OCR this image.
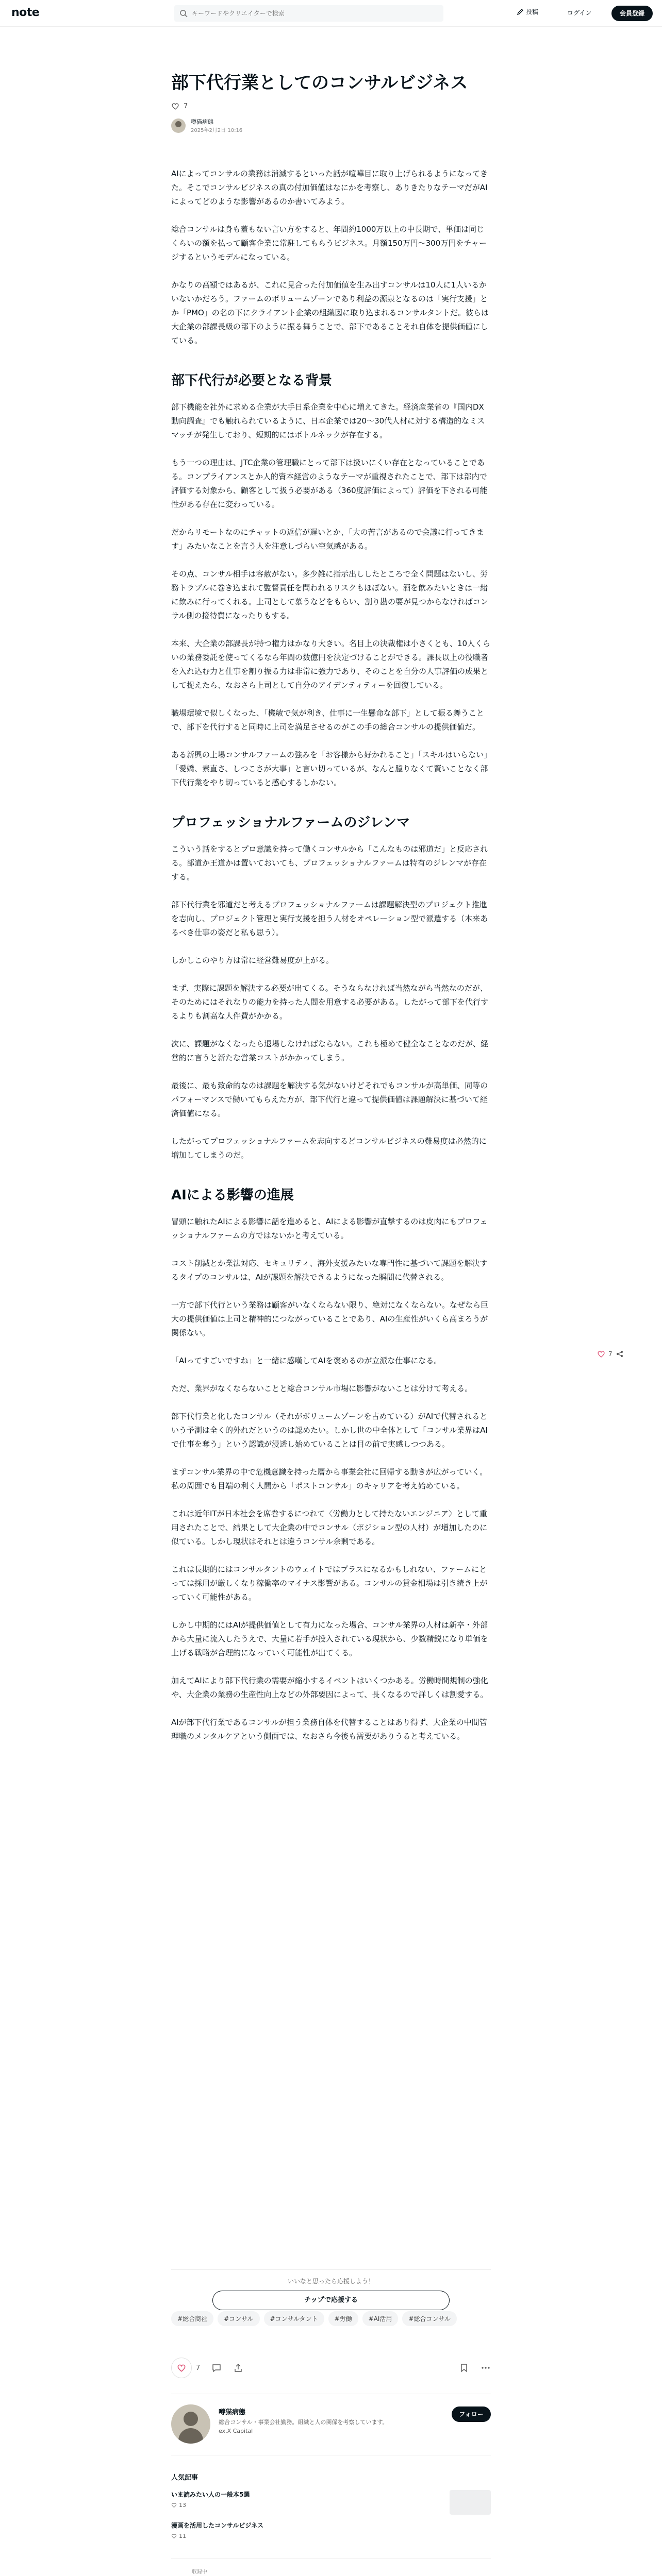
note
キーワードやクリエイターで検索	投稿	ログイン	会員登録
部下代行業としてのコンサルビジネス
7
噂猫病態
2025年2月2日 10:16

AIによってコンサルの業務は消滅するといった話が喧嘩目に取り上げられるようになってきた。そこでコンサルビジネスの真の付加価値はなにかを考察し、ありきたりなテーマだがAIによってどのような影響があるのか書いてみよう。

総合コンサルは身も蓋もない言い方をすると、年間約1000万以上の中長期で、単価は同じくらいの額を払って顧客企業に常駐してもらうビジネス。月額150万円〜300万円をチャージするというモデルになっている。

かなりの高額ではあるが、これに見合った付加価値を生み出すコンサルは10人に1人いるかいないかだろう。ファームのボリュームゾーンであり利益の源泉となるのは「実行支援」とか「PMO」の名の下にクライアント企業の組織図に取り込まれるコンサルタントだ。彼らは大企業の部課長級の部下のように振る舞うことで、部下であることそれ自体を提供価値にしている。

部下代行が必要となる背景

部下機能を社外に求める企業が大手日系企業を中心に増えてきた。経済産業省の『国内DX動向調査』でも触れられているように、日本企業では20〜30代人材に対する構造的なミスマッチが発生しており、短期的にはボトルネックが存在する。

もう一つの理由は、JTC企業の管理職にとって部下は扱いにくい存在となっていることである。コンプライアンスとか人的資本経営のようなテーマが重視されたことで、部下は部内で評価する対象から、顧客として扱う必要がある（360度評価によって）評価を下される可能性がある存在に変わっている。

だからリモートなのにチャットの返信が遅いとか、「大の苦言があるので会議に行ってきます」みたいなことを言う人を注意しづらい空気感がある。

その点、コンサル相手は容赦がない。多少雑に指示出ししたところで全く問題はないし、労務トラブルに巻き込まれて監督責任を問われるリスクもほぼない。酒を飲みたいときは一緒に飲みに行ってくれる。上司として慕うなどをもらい、割り勘の要が見つからなければコンサル側の接待費になったりもする。

本来、大企業の部課長が持つ権力はかなり大きい。名目上の決裁権は小さくとも、10人くらいの業務委託を使ってくるなら年間の数億円を決定づけることができる。課長以上の役職者を入れ込む力と仕事を割り振る力は非常に強力であり、そのことを自分の人事評価の成果として捉えたら、なおさら上司として自分のアイデンティティーを回復している。

職場環境で似しくなった、「機敏で気が利き、仕事に一生懸命な部下」として振る舞うことで、部下を代行すると同時に上司を満足させるのがこの手の総合コンサルの提供価値だ。

ある新興の上場コンサルファームの強みを「お客様から好かれること」「スキルはいらない」「愛嬌、素直さ、しつこさが大事」と言い切っているが、なんと臆りなくて賢いことなく部下代行業をやり切っていると感心するしかない。

プロフェッショナルファームのジレンマ

こういう話をするとプロ意識を持って働くコンサルから「こんなものは邪道だ」と反応される。部道か王道かは置いておいても、プロフェッショナルファームは特有のジレンマが存在する。

部下代行業を邪道だと考えるプロフェッショナルファームは課題解決型のプロジェクト推進を志向し、プロジェクト管理と実行支援を担う人材をオペレーション型で派遣する（本来あるべき仕事の姿だと私も思う）。

しかしこのやり方は常に経営難易度が上がる。

まず、実際に課題を解決する必要が出てくる。そうならなければ当然ながら当然なのだが、そのためにはそれなりの能力を持った人間を用意する必要がある。したがって部下を代行するよりも割高な人件費がかかる。

次に、課題がなくなったら退場しなければならない。これも極めて健全なことなのだが、経営的に言うと新たな営業コストがかかってしまう。

最後に、最も致命的なのは課題を解決する気がないけどそれでもコンサルが高単価、同等のパフォーマンスで働いてもらえた方が、部下代行と違って提供価値は課題解決に基づいて経済価値になる。

したがってプロフェッショナルファームを志向するどコンサルビジネスの難易度は必然的に増加してしまうのだ。

AIによる影響の進展

冒頭に触れたAIによる影響に話を進めると、AIによる影響が直撃するのは皮肉にもプロフェッショナルファームの方ではないかと考えている。

コスト削減とか業法対応、セキュリティ、海外支援みたいな専門性に基づいて課題を解決するタイプのコンサルは、AIが課題を解決できるようになった瞬間に代替される。

一方で部下代行という業務は顧客がいなくならない限り、絶対になくならない。なぜなら巨大の提供価値は上司と精神的につながっていることであり、AIの生産性がいくら高まろうが関係ない。

「AIってすごいですね」と一緒に感嘆してAIを褒めるのが立派な仕事になる。

ただ、業界がなくならないことと総合コンサル市場に影響がないことは分けて考える。

部下代行業と化したコンサル（それがボリュームゾーンを占めている）がAIで代替されるという予測は全く的外れだというのは認めたい。しかし世の中全体として「コンサル業界はAIで仕事を奪う」という認識が浸透し始めていることは目の前で実感しつつある。

まずコンサル業界の中で危機意識を持った層から事業会社に回帰する動きが広がっていく。私の周囲でも目端の利く人間から「ポストコンサル」のキャリアを考え始めている。

これは近年ITが日本社会を席巻するにつれて〈労働力として持たないエンジニア〉として重用されたことで、結果として大企業の中でコンサル（ポジション型の人材）が増加したのに似ている。しかし現状はそれとは違うコンサル余剰である。

これは長期的にはコンサルタントのウェイトではプラスになるかもしれない、ファームにとっては採用が厳しくなり稼働率のマイナス影響がある。コンサルの賃金相場は引き続き上がっていく可能性がある。

しかし中期的にはAIが提供価値として有力になった場合、コンサル業界の人材は新卒・外部から大量に流入したうえで、大量に若手が投入されている現状から、少数精鋭になり単価を上げる戦略が合理的になっていく可能性が出てくる。

加えてAIにより部下代行業の需要が縮小するイベントはいくつかある。労働時間規制の強化や、大企業の業務の生産性向上などの外部要因によって、長くなるので詳しくは割愛する。

AIが部下代行業であるコンサルが担う業務自体を代替することはあり得ず、大企業の中間管理職のメンタルケアという側面では、なおさら今後も需要がありうると考えている。

7
いいなと思ったら応援しよう！
チップで応援する
#総合商社	#コンサル	#コンサルタント	#労働	#AI活用	#総合コンサル
7
噂猫病態
総合コンサル・事業会社勤務。組織と人の関係を考察しています。
ex.X Capital
フォロー
人気記事
いま読みたい人の一般本5選
13
漫画を活用したコンサルビジネス
11
収録中
